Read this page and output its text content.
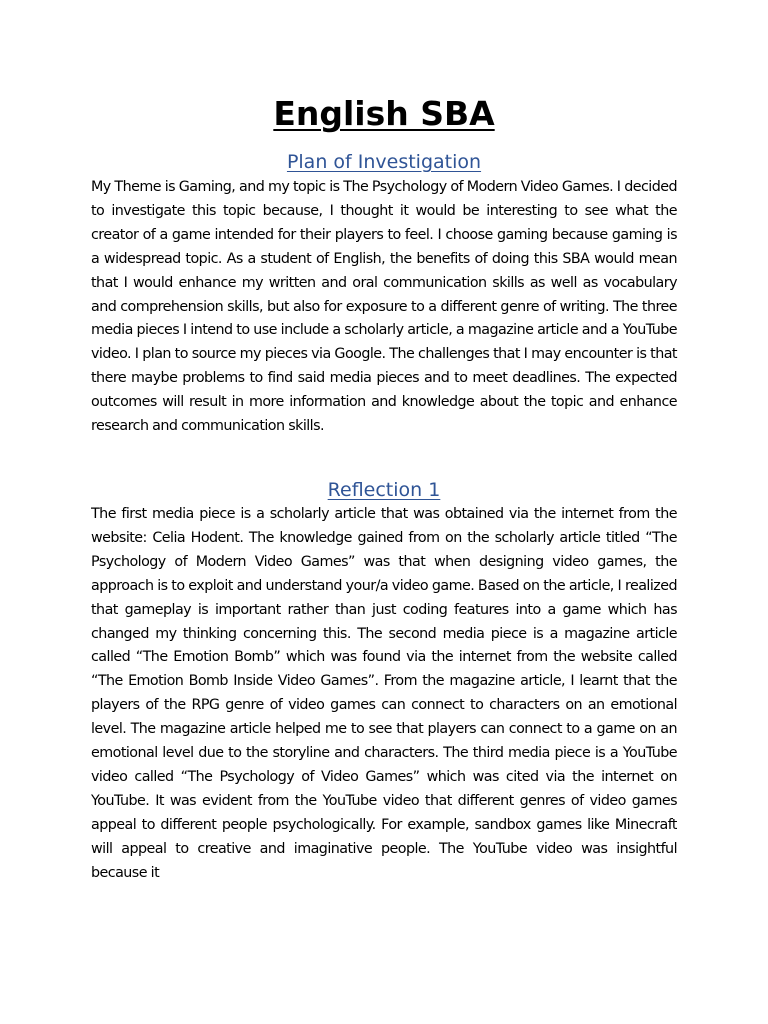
English SBA
Plan of Investigation

My Theme is Gaming, and my topic is The Psychology of Modern Video Games. I decided to investigate this topic because, I thought it would be interesting to see what the creator of a game intended for their players to feel. I choose gaming because gaming is a widespread topic. As a student of English, the benefits of doing this SBA would mean that I would enhance my written and oral communication skills as well as vocabulary and comprehension skills, but also for exposure to a different genre of writing. The three media pieces I intend to use include a scholarly article, a magazine article and a YouTube video. I plan to source my pieces via Google. The challenges that I may encounter is that there maybe problems to find said media pieces and to meet deadlines. The expected outcomes will result in more information and knowledge about the topic and enhance research and communication skills.

Reflection 1

The first media piece is a scholarly article that was obtained via the internet from the website: Celia Hodent. The knowledge gained from on the scholarly article titled “The Psychology of Modern Video Games” was that when designing video games, the approach is to exploit and understand your/a video game. Based on the article, I realized that gameplay is important rather than just coding features into a game which has changed my thinking concerning this. The second media piece is a magazine article called “The Emotion Bomb” which was found via the internet from the website called “The Emotion Bomb Inside Video Games”. From the magazine article, I learnt that the players of the RPG genre of video games can connect to characters on an emotional level. The magazine article helped me to see that players can connect to a game on an emotional level due to the storyline and characters. The third media piece is a YouTube video called “The Psychology of Video Games” which was cited via the internet on YouTube. It was evident from the YouTube video that different genres of video games appeal to different people psychologically. For example, sandbox games like Minecraft will appeal to creative and imaginative people. The YouTube video was insightful because it
